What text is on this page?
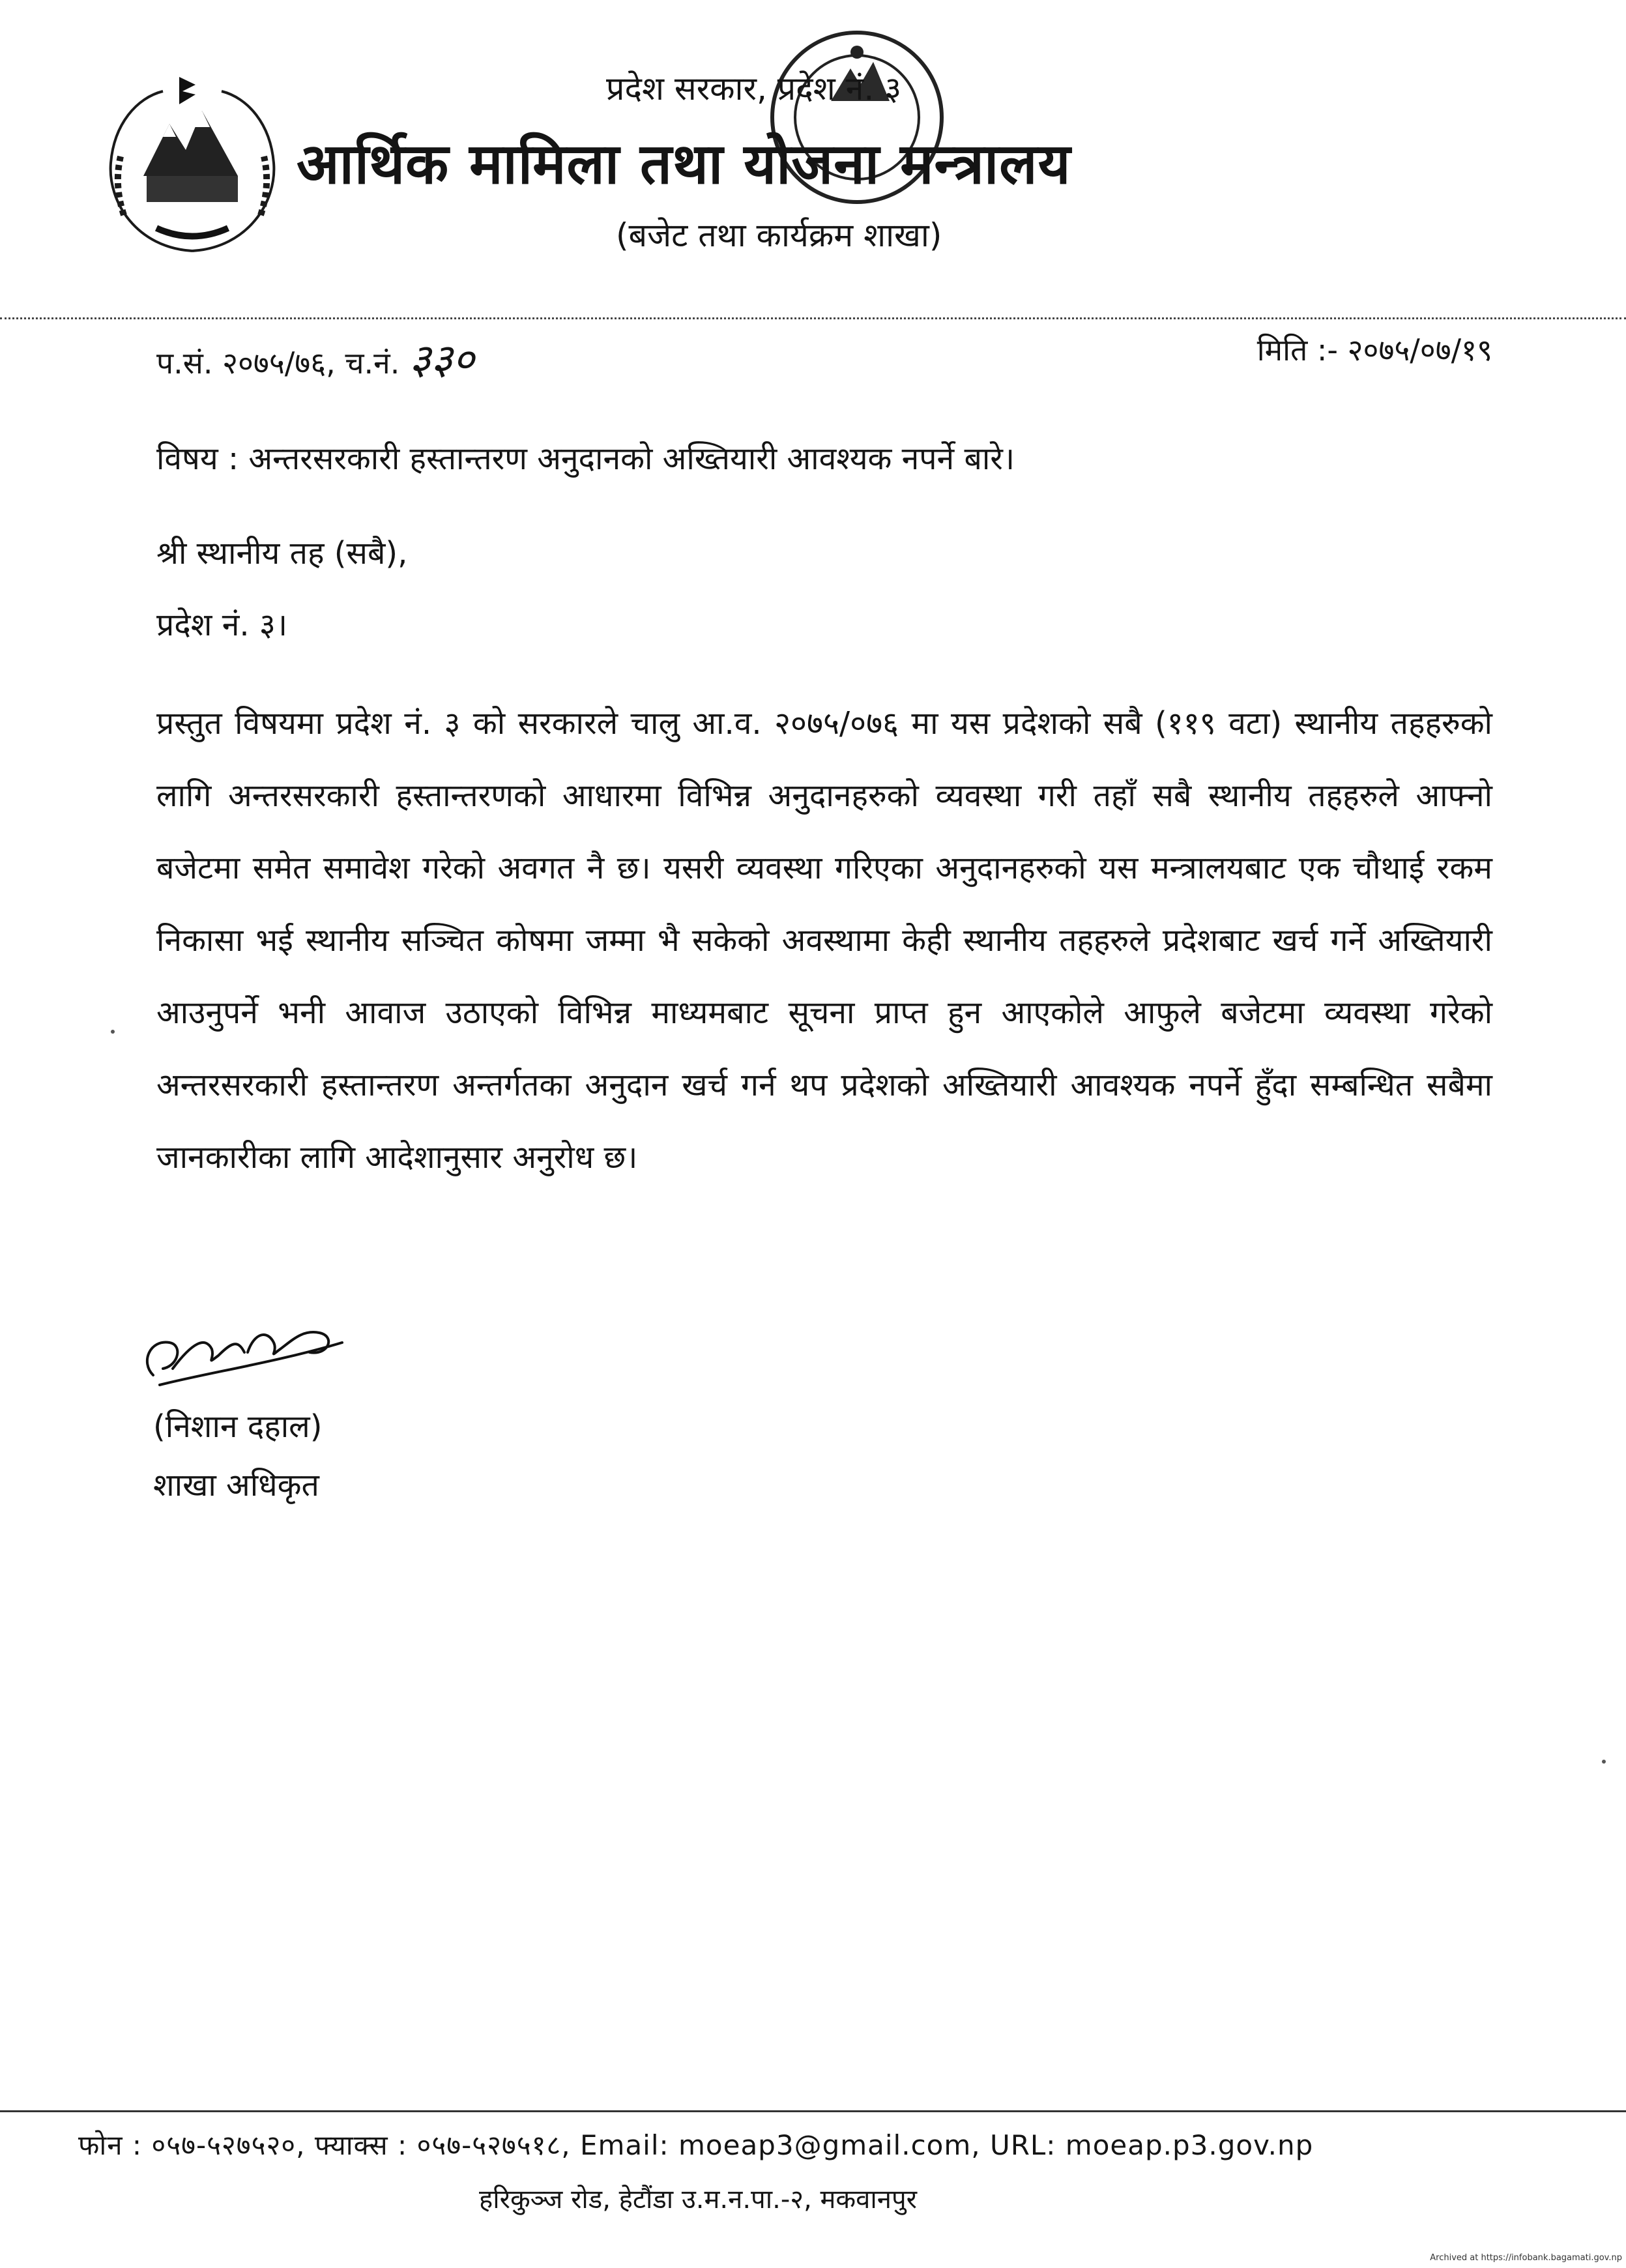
प्रदेश सरकार, प्रदेश नं. ३
आर्थिक मामिला तथा योजना मन्त्रालय
(बजेट तथा कार्यक्रम शाखा)
प.सं. २०७५/७६, च.नं. ३३०	मिति :- २०७५/०७/१९
विषय : अन्तरसरकारी हस्तान्तरण अनुदानको अख्तियारी आवश्यक नपर्ने बारे।
श्री स्थानीय तह (सबै),
प्रदेश नं. ३।
प्रस्तुत विषयमा प्रदेश नं. ३ को सरकारले चालु आ.व. २०७५/०७६ मा यस प्रदेशको सबै (११९ वटा) स्थानीय तहहरुको लागि अन्तरसरकारी हस्तान्तरणको आधारमा विभिन्न अनुदानहरुको व्यवस्था गरी तहाँ सबै स्थानीय तहहरुले आफ्नो बजेटमा समेत समावेश गरेको अवगत नै छ। यसरी व्यवस्था गरिएका अनुदानहरुको यस मन्त्रालयबाट एक चौथाई रकम निकासा भई स्थानीय सञ्चित कोषमा जम्मा भै सकेको अवस्थामा केही स्थानीय तहहरुले प्रदेशबाट खर्च गर्ने अख्तियारी आउनुपर्ने भनी आवाज उठाएको विभिन्न माध्यमबाट सूचना प्राप्त हुन आएकोले आफुले बजेटमा व्यवस्था गरेको अन्तरसरकारी हस्तान्तरण अन्तर्गतका अनुदान खर्च गर्न थप प्रदेशको अख्तियारी आवश्यक नपर्ने हुँदा सम्बन्धित सबैमा जानकारीका लागि आदेशानुसार अनुरोध छ।
(निशान दहाल)
शाखा अधिकृत
फोन : ०५७-५२७५२०, फ्याक्स : ०५७-५२७५१८, Email: moeap3@gmail.com, URL: moeap.p3.gov.np
हरिकुञ्ज रोड, हेटौंडा उ.म.न.पा.-२, मकवानपुर
Archived at https://infobank.bagamati.gov.np
